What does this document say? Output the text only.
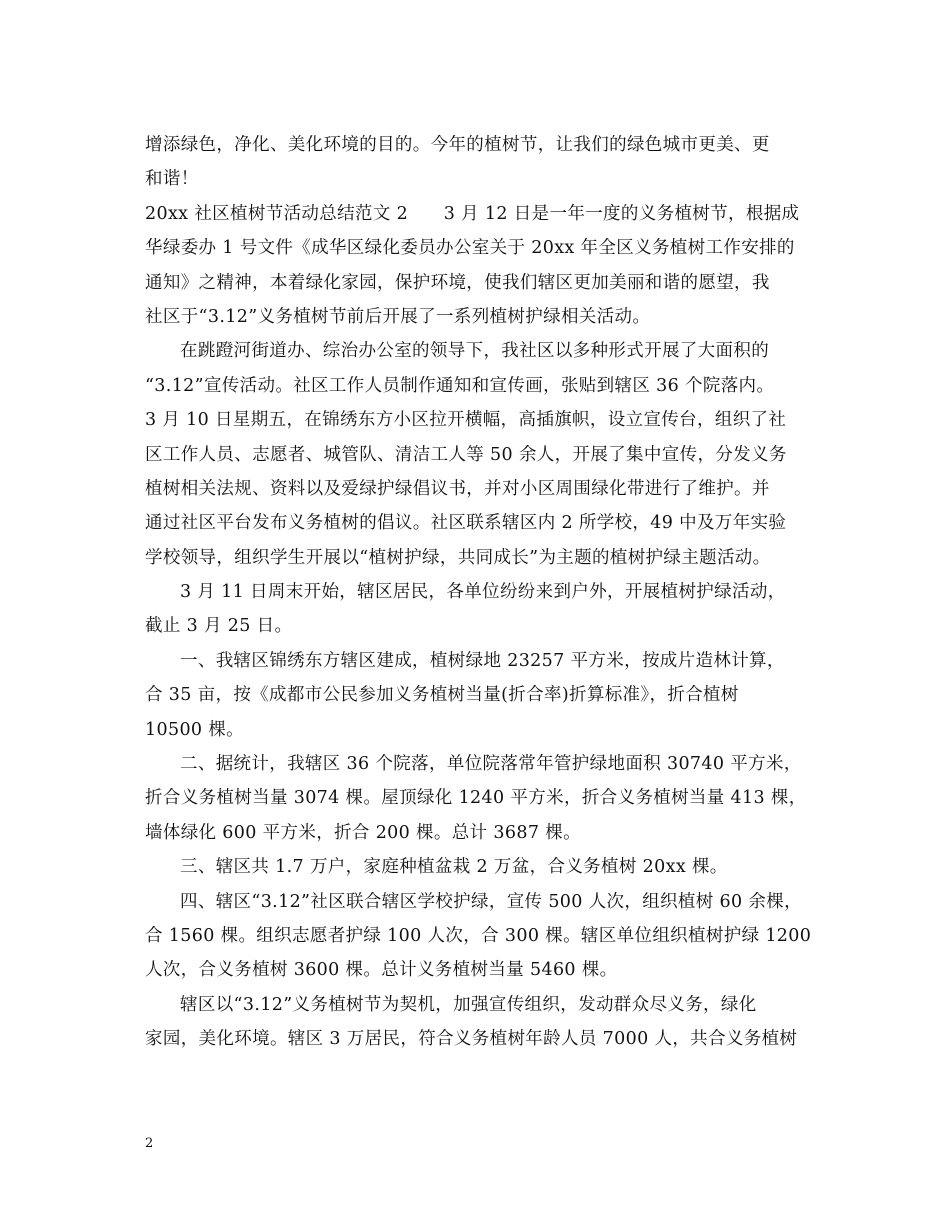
增添绿色，净化、美化环境的目的。今年的植树节，让我们的绿色城市更美、更
和谐！
20xx 社区植树节活动总结范文 2　　3 月 12 日是一年一度的义务植树节，根据成
华绿委办 1 号文件《成华区绿化委员办公室关于 20xx 年全区义务植树工作安排的
通知》之精神，本着绿化家园，保护环境，使我们辖区更加美丽和谐的愿望，我
社区于“3.12”义务植树节前后开展了一系列植树护绿相关活动。
在跳蹬河街道办、综治办公室的领导下，我社区以多种形式开展了大面积的
“3.12”宣传活动。社区工作人员制作通知和宣传画，张贴到辖区 36 个院落内。
3 月 10 日星期五，在锦绣东方小区拉开横幅，高插旗帜，设立宣传台，组织了社
区工作人员、志愿者、城管队、清洁工人等 50 余人，开展了集中宣传，分发义务
植树相关法规、资料以及爱绿护绿倡议书，并对小区周围绿化带进行了维护。并
通过社区平台发布义务植树的倡议。社区联系辖区内 2 所学校，49 中及万年实验
学校领导，组织学生开展以“植树护绿，共同成长”为主题的植树护绿主题活动。
3 月 11 日周末开始，辖区居民，各单位纷纷来到户外，开展植树护绿活动，
截止 3 月 25 日。
一、我辖区锦绣东方辖区建成，植树绿地 23257 平方米，按成片造林计算，
合 35 亩，按《成都市公民参加义务植树当量(折合率)折算标准》，折合植树
10500 棵。
二、据统计，我辖区 36 个院落，单位院落常年管护绿地面积 30740 平方米，
折合义务植树当量 3074 棵。屋顶绿化 1240 平方米，折合义务植树当量 413 棵，
墙体绿化 600 平方米，折合 200 棵。总计 3687 棵。
三、辖区共 1.7 万户，家庭种植盆栽 2 万盆，合义务植树 20xx 棵。
四、辖区“3.12”社区联合辖区学校护绿，宣传 500 人次，组织植树 60 余棵，
合 1560 棵。组织志愿者护绿 100 人次，合 300 棵。辖区单位组织植树护绿 1200
人次，合义务植树 3600 棵。总计义务植树当量 5460 棵。
辖区以“3.12”义务植树节为契机，加强宣传组织，发动群众尽义务，绿化
家园，美化环境。辖区 3 万居民，符合义务植树年龄人员 7000 人，共合义务植树
2
